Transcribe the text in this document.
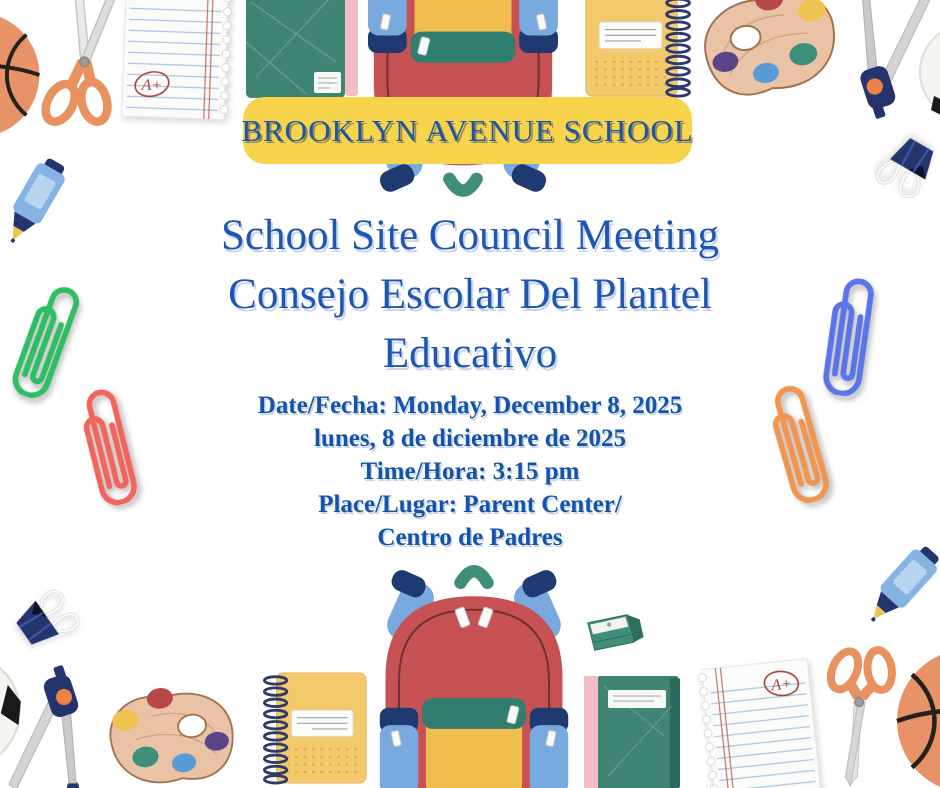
A+
A+
BROOKLYN AVENUE SCHOOL
School Site Council Meeting
Consejo Escolar Del Plantel
Educativo
Date/Fecha: Monday, December 8, 2025
lunes, 8 de diciembre de 2025
Time/Hora: 3:15 pm
Place/Lugar: Parent Center/
Centro de Padres
